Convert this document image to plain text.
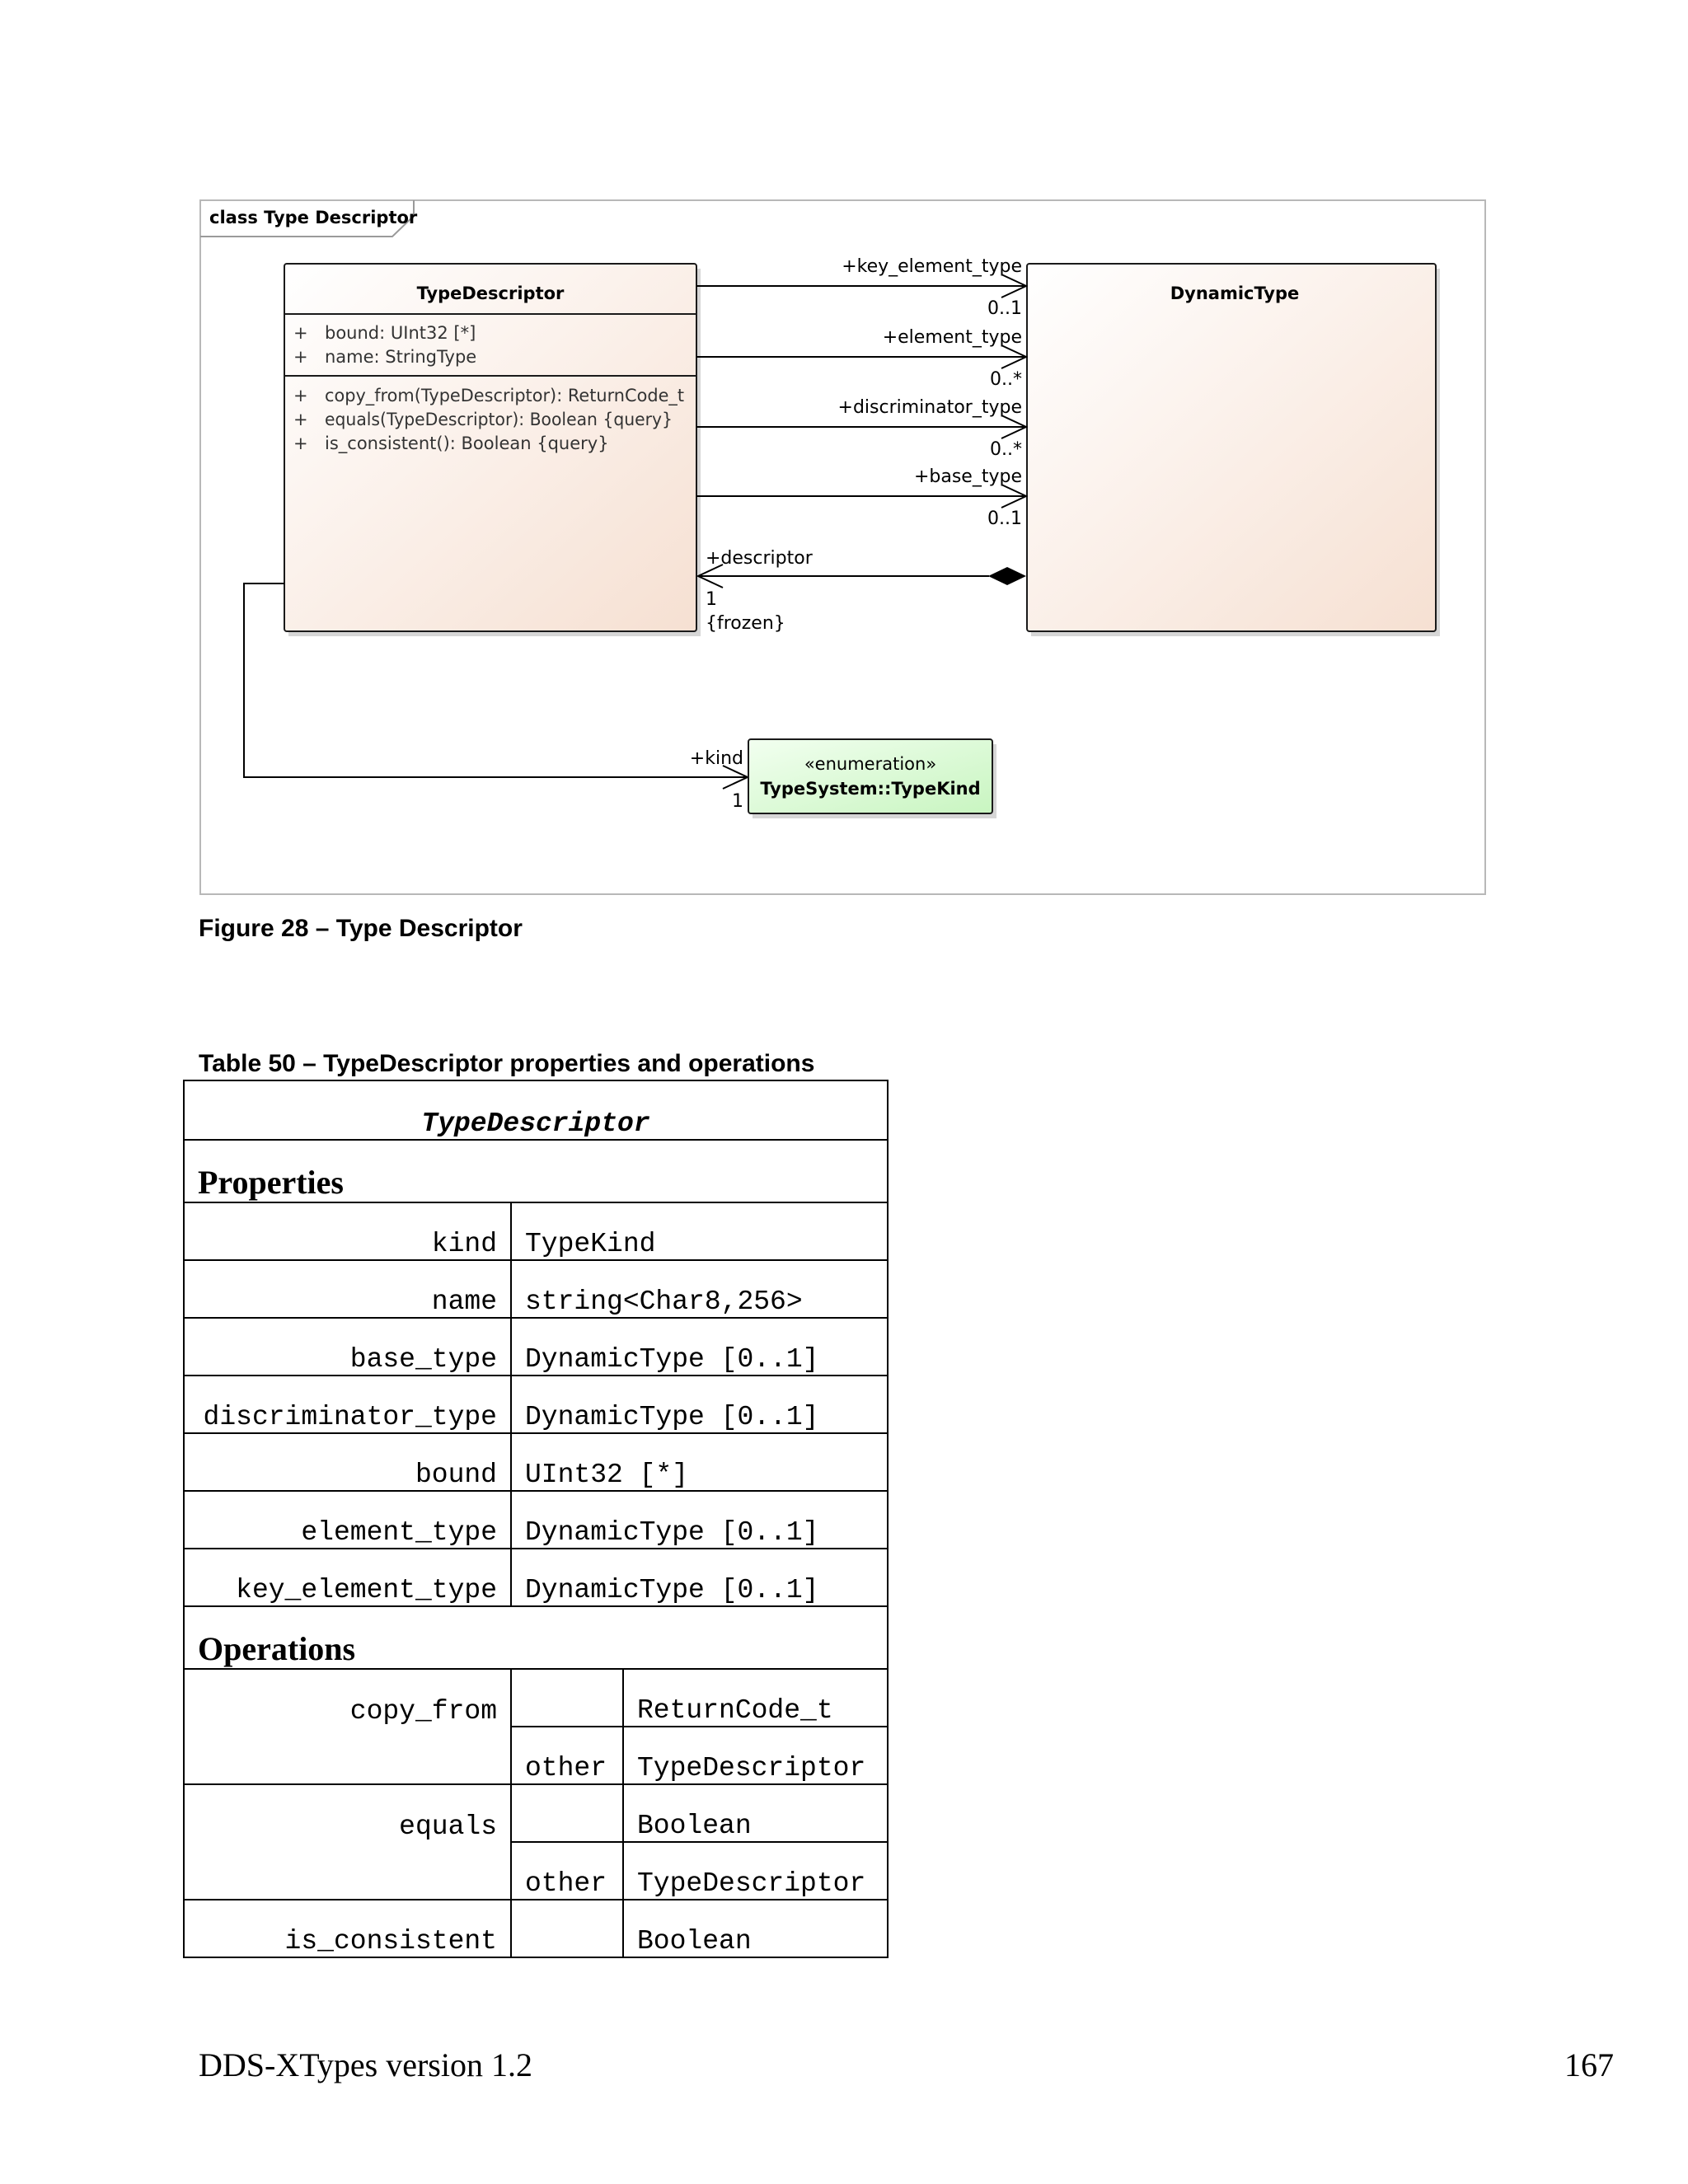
class Type Descriptor
TypeDescriptor
+ bound: UInt32 [*]
+ name: StringType
+ copy_from(TypeDescriptor): ReturnCode_t
+ equals(TypeDescriptor): Boolean {query}
+ is_consistent(): Boolean {query}
DynamicType
+key_element_type
0..1
+element_type
0..*
+discriminator_type
0..*
+base_type
0..1
+descriptor
1
{frozen}
+kind
1
«enumeration»
TypeSystem::TypeKind
Figure 28 – Type Descriptor
Table 50 – TypeDescriptor properties and operations
TypeDescriptor		
Properties		
kind	TypeKind	
name	string<Char8,256>	
base_type	DynamicType [0..1]	
discriminator_type	DynamicType [0..1]	
bound	UInt32 [*]	
element_type	DynamicType [0..1]	
key_element_type	DynamicType [0..1]	
Operations		
copy_from		ReturnCode_t
	other	TypeDescriptor
equals		Boolean
	other	TypeDescriptor
is_consistent		Boolean
DDS-XTypes version 1.2	167
